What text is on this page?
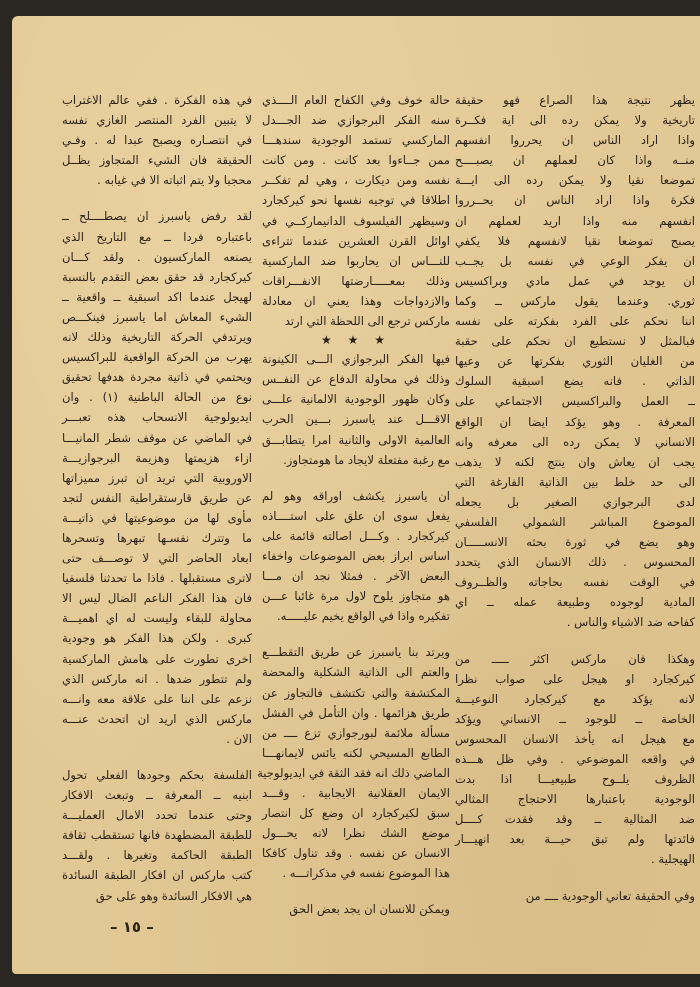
يظهر نتيجة هذا الصراع فهو حقيقة
تاريخية ولا يمكن رده الى اية فكــرة
واذا اراد الناس ان يحرروا انفسهم
منــه واذا كان لعملهم ان يصبــــح
تموضعا نقيا ولا يمكن رده الى ايـــة
فكرة واذا اراد الناس ان يحــرروا
انفسهم منه واذا اريد لعملهم ان
يصبح تموضعا نقيا لانفسهم فلا يكفي
ان يفكر الوعي في نفسه بل يجــب
ان يوجد في عمل مادي وبراكسيس
ثوري. وعندما يقول ماركس ــ وكما
اننا نحكم على الفرد بفكرته على نفسه
فبالمثل لا نستطيع ان نحكم على حقبة
من الغليان الثوري بفكرتها عن وعيها
الذاتي . فانه يضع اسبقية السلوك
ــ العمل والبراكسيس الاجتماعي على
المعرفة . وهو يؤكد ايضا ان الواقع
الانساني لا يمكن رده الى معرفه وانه
يجب ان يعاش وان ينتج لكنه لا يذهب
الى حد خلط بين الذاتية الفارغة التي
لدى البرجوازي الصغير بل يجعله
الموضوع المباشر الشمولي الفلسفي
وهو يضع في ثورة بحثه الانســـــان
المحسوس . ذلك الانسان الذي يتحدد
في الوقت نفسه بحاجاته والظــروف
المادية لوجوده وطبيعة عمله ــ اي
كفاحه ضد الاشياء والناس .

وهكذا فان ماركس اكثر ـــــ من
كيركجارد او هيجل على صواب نظرا
لانه يؤكد مع كيركجارد النوعيـــة
الخاصة ــ للوجود ــ الانساني ويؤكد
مع هيجل انه يأخذ الانسان المحسوس
في واقعه الموضوعي . وفي ظل هـــذه
الظروف يلــوح طبيعيـــا اذا بدت
الوجودية باعتبارها الاحتجاج المثالي
ضد المثالية ــ وقد فقدت كــــل
فائدتها ولم تبق حيـــة بعد انهيـــار
الهيجلية .

وفي الحقيقة تعاني الوجودية ــــ من

حالة خوف وفي الكفاح العام الــــذي
سنه الفكر البرجوازي ضد الجـــدل
الماركسي تستمد الوجودية سندهـــا
ممن جــاءوا بعد كانت . ومن كانت
نفسه ومن ديكارت ، وهي لم تفكــر
اطلاقا في توجيه نفسها نحو كيركجارد
وسيظهر الفيلسوف الدانيماركــي في
اوائل القرن العشرين عندما تتراءى
للنـــاس ان يحاربوا ضد الماركسية
وذلك بمعـــــارضتها الانفـــراقات
والازدواجات وهذا يعني ان معادلة
ماركس ترجع الى اللحظة التي ارتد

★ ★ ★

فيها الفكر البرجوازي الـــى الكينونة
وذلك في محاولة الدفاع عن النفــس
وكان ظهور الوجودية الالمانية علـــى
الاقـــل عند ياسبرز بـــين الحرب
العالمية الاولى والثانية امرا يتطابـــق
مع رغبة مفتعلة لايجاد ما هومتجاوز.

ان ياسبرز يكشف اوراقه وهو لم
يفعل سوى ان علق على استــــاذه
كيركجارد . وكـــل اصالته قائمة على
اساس ابراز بعض الموضوعات واخفاء
البعض الآخر . فمثلا نجد ان مـــا
هو متجاوز يلوح لاول مرة غائبا عـــن
تفكيره واذا في الواقع يخيم عليـــــه.

ويرتد بنا ياسبرز عن طريق التقطـــع
والعتم الى الذاتية الشكلية والمحضة
المكتشفة والتي تكتشف فالتجاوز عن
طريق هزائمها . وان التأمل في الفشل
مسألة ملائمة لبورجوازي تزع ــــ من
الطابع المسيحي لكنه يائس لايمانهـــا
الماضي ذلك انه فقد الثقة في ايديولوجية
الايمان العقلانية الايجابية . وقـــد
سبق لكيركجارد ان وضع كل انتصار
موضع الشك نظرا لانه يحـــول
الانسان عن نفسه . وقد تناول كافكا
هذا الموضوع نفسه في مذكراتـــه .

ويمكن للانسان ان يجد بعض الحق

في هذه الفكرة . ففي عالم الاغتراب
لا يتبين الفرد المنتصر الغازي نفسه
في انتصـاره ويصبح عبدا له . وفـي
الحقيقة فان الشيء المتجاوز يظــل
محجبا ولا يتم اثباته الا في غيابه .

لقد رفض ياسبرز ان يصطــــلح ــ
باعتباره فردا ــ مع التاريخ الذي
يصنعه الماركسيون . ولقد كـــان
كيركجارد قد حقق بعض التقدم بالنسبة
لهيجل عندما اكد اسبقية ــ واقعية ــ
الشيء المعاش اما ياسبرز فينكـــص
ويرتدفي الحركة التاريخية وذلك لانه
يهرب من الحركة الواقعية للبراكسيس
ويحتمي في ذاتية مجردة هدفها تحقيق
نوع من الحالة الباطنية (١) . وان
ايديولوجية الانسحاب هذه تعبـــر
في الماضي عن موقف شطر المانيـــا
ازاء هزيمتها وهزيمة البرجوازيـــة
الاوروبية التي تريد ان تبرز مميزاتها
عن طريق قارستقراطية النفس لتجد
مأوى لها من موضوعيتها في ذاتيـــة
ما وتترك نفسـها تبهرها وتسحرها
ابعاد الحاضر التي لا توصـــف حتى
لاترى مستقبلها . فاذا ما تحدثنا فلسفيا
فان هذا الفكر الناعم الضال ليس الا
محاولة للبقاء وليست له اي اهميـــة
كبرى . ولكن هذا الفكر هو وجودية
اخرى تطورت على هامش الماركسية
ولم تتطور ضدها . انه ماركس الذي
نزعم على اننا على علاقة معه وانـــه
ماركس الذي اريد ان اتحدث عنـــه
الان .

الفلسفة بحكم وجودها الفعلي تحول
ابنيه ــ المعرفة ــ وتبعث الافكار
وحتى عندما تحدد الامال العمليـــة
للطبقة المضطهدة فانها تستقطب ثقافة
الطبقة الحاكمة وتغيرها . ولقـــد
كتب ماركس ان افكار الطبقة السائدة
هي الافكار السائدة وهو على حق

– ١٥ –
